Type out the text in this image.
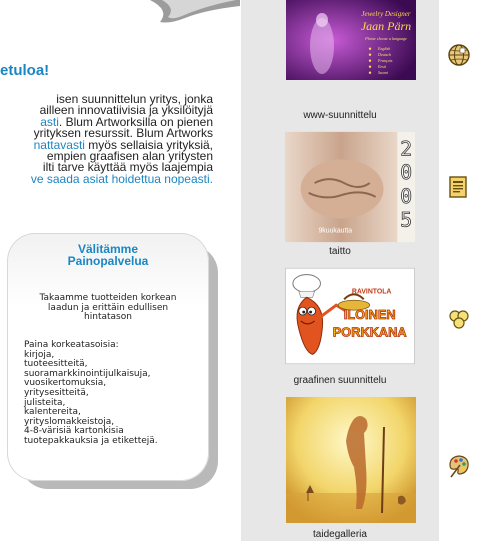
etuloa!
isen suunnittelun yritys, jonka
ailleen innovatiivisia ja yksilöityjä
asti. Blum Artworksilla on pienen
yrityksen resurssit. Blum Artworks
nattavasti myös sellaisia yrityksiä,
empien graafisen alan yritysten
ilti tarve käyttää myös laajempia
ve saada asiat hoidettua nopeasti.
Välitämme
Painopalvelua
Takaamme tuotteiden korkean laadun ja erittäin edullisen hintatason
Paina korkeatasoisia:
kirjoja,
tuoteesitteitä,
suoramarkkinointijulkaisuja,
vuosikertomuksia,
yritysesitteitä,
julisteita,
kalentereita,
yrityslomakkeistoja,
4-8-värisiä kartonkisia
tuotepakkauksia ja etikettejä.
Jewelry Designer
Jaan Pärn
Please choose a language
English
Deutsch
Français
Eesti
Suomi
www-suunnittelu
2
0
0
5
9kuukautta
taitto
RAVINTOLA
ILOINEN
PORKKANA
graafinen suunnittelu
taidegalleria
